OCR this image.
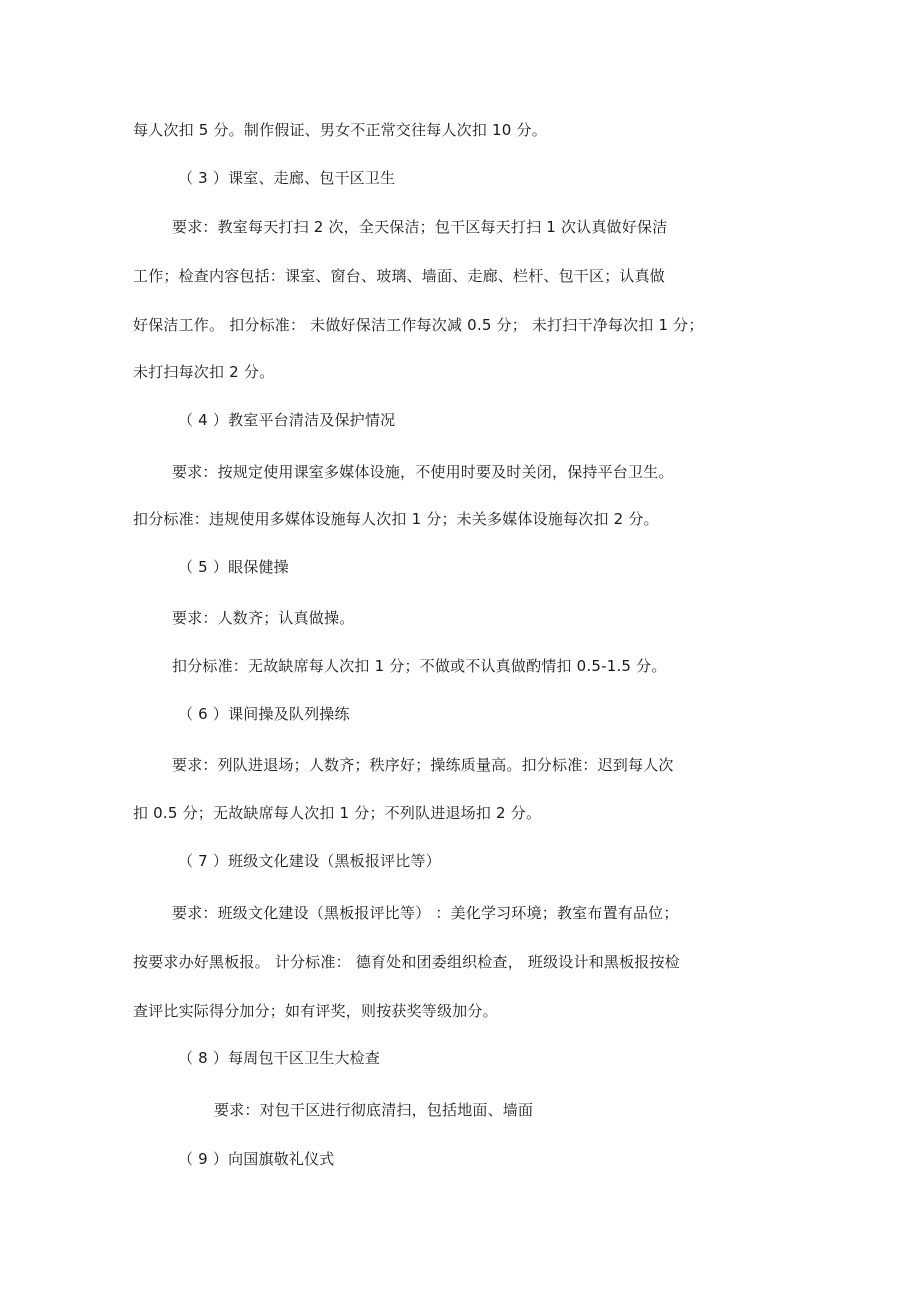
每人次扣 5 分。制作假证、男女不正常交往每人次扣 10 分。
（ 3 ）课室、走廊、包干区卫生
要求：教室每天打扫 2 次，全天保洁；包干区每天打扫 1 次认真做好保洁
工作；检查内容包括：课室、窗台、玻璃、墙面、走廊、栏杆、包干区；认真做
好保洁工作。 扣分标准： 未做好保洁工作每次减 0.5 分； 未打扫干净每次扣 1 分；
未打扫每次扣 2 分。
（ 4 ）教室平台清洁及保护情况
要求：按规定使用课室多媒体设施，不使用时要及时关闭，保持平台卫生。
扣分标准：违规使用多媒体设施每人次扣 1 分；未关多媒体设施每次扣 2 分。
（ 5 ）眼保健操
要求：人数齐；认真做操。
扣分标准：无故缺席每人次扣 1 分；不做或不认真做酌情扣 0.5-1.5 分。
（ 6 ）课间操及队列操练
要求：列队进退场；人数齐；秩序好；操练质量高。扣分标准：迟到每人次
扣 0.5 分；无故缺席每人次扣 1 分；不列队进退场扣 2 分。
（ 7 ）班级文化建设（黑板报评比等）
要求：班级文化建设（黑板报评比等） ：美化学习环境；教室布置有品位；
按要求办好黑板报。 计分标准： 德育处和团委组织检查， 班级设计和黑板报按检
查评比实际得分加分；如有评奖，则按获奖等级加分。
（ 8 ）每周包干区卫生大检查
要求：对包干区进行彻底清扫，包括地面、墙面
（ 9 ）向国旗敬礼仪式
